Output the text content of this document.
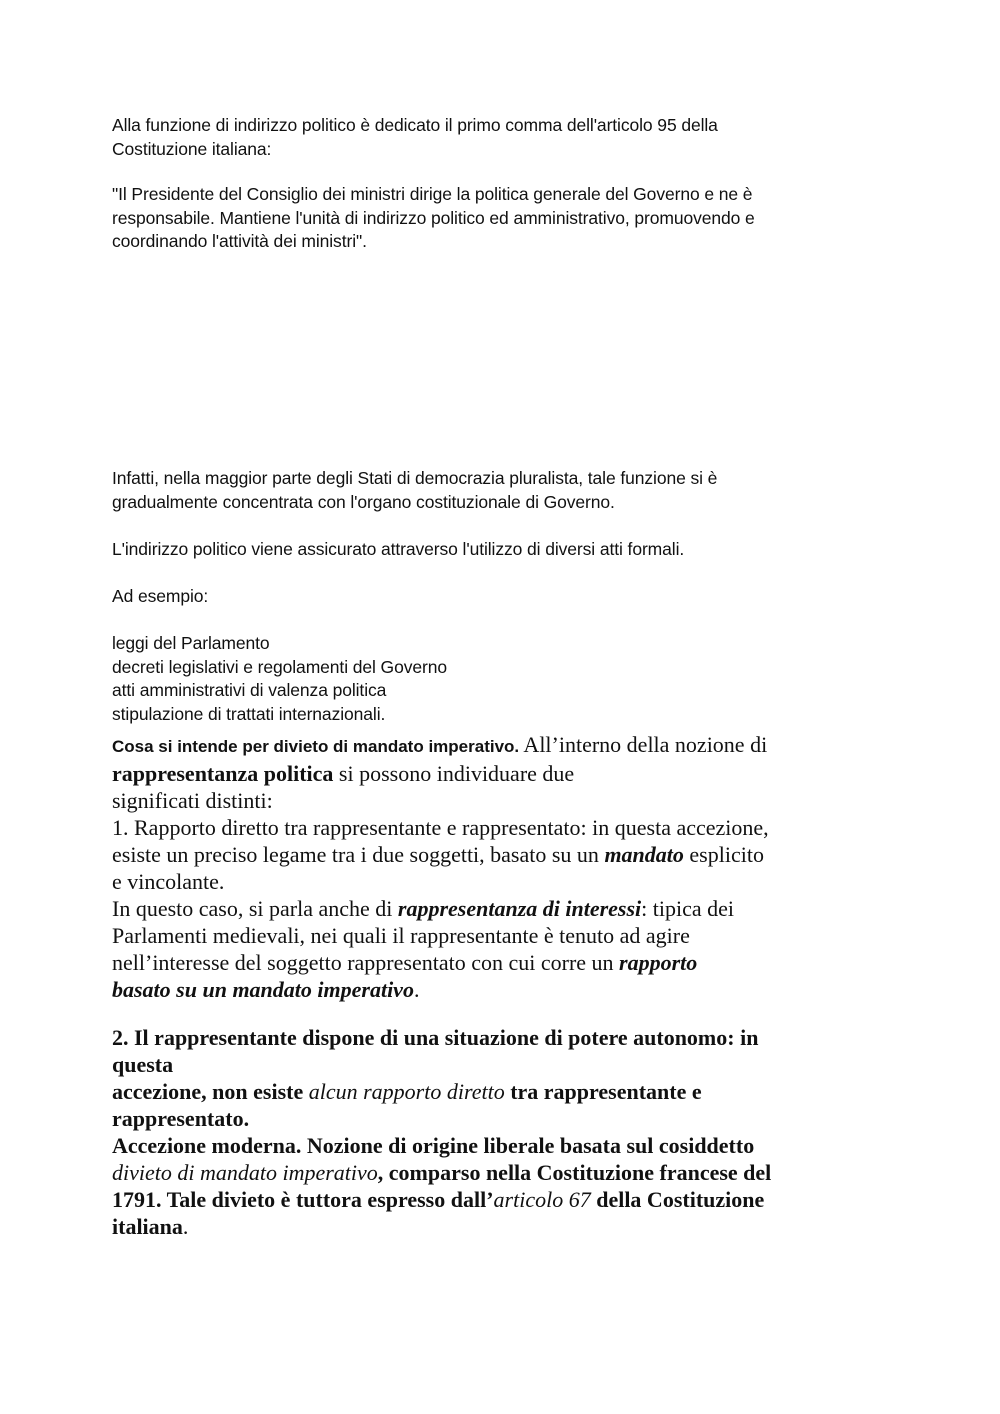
Alla funzione di indirizzo politico è dedicato il primo comma dell'articolo 95 della
Costituzione italiana:
"Il Presidente del Consiglio dei ministri dirige la politica generale del Governo e ne è
responsabile. Mantiene l'unità di indirizzo politico ed amministrativo, promuovendo e
coordinando l'attività dei ministri".
Infatti, nella maggior parte degli Stati di democrazia pluralista, tale funzione si è
gradualmente concentrata con l'organo costituzionale di Governo.
L'indirizzo politico viene assicurato attraverso l'utilizzo di diversi atti formali.
Ad esempio:
leggi del Parlamento
decreti legislativi e regolamenti del Governo
atti amministrativi di valenza politica
stipulazione di trattati internazionali.
Cosa si intende per divieto di mandato imperativo. All’interno della nozione di
rappresentanza politica si possono individuare due
significati distinti:
1. Rapporto diretto tra rappresentante e rappresentato: in questa accezione,
esiste un preciso legame tra i due soggetti, basato su un mandato esplicito
e vincolante.
In questo caso, si parla anche di rappresentanza di interessi: tipica dei
Parlamenti medievali, nei quali il rappresentante è tenuto ad agire
nell’interesse del soggetto rappresentato con cui corre un rapporto
basato su un mandato imperativo.
2. Il rappresentante dispone di una situazione di potere autonomo: in
questa
accezione, non esiste alcun rapporto diretto tra rappresentante e
rappresentato.
Accezione moderna. Nozione di origine liberale basata sul cosiddetto
divieto di mandato imperativo, comparso nella Costituzione francese del
1791. Tale divieto è tuttora espresso dall’articolo 67 della Costituzione
italiana.
